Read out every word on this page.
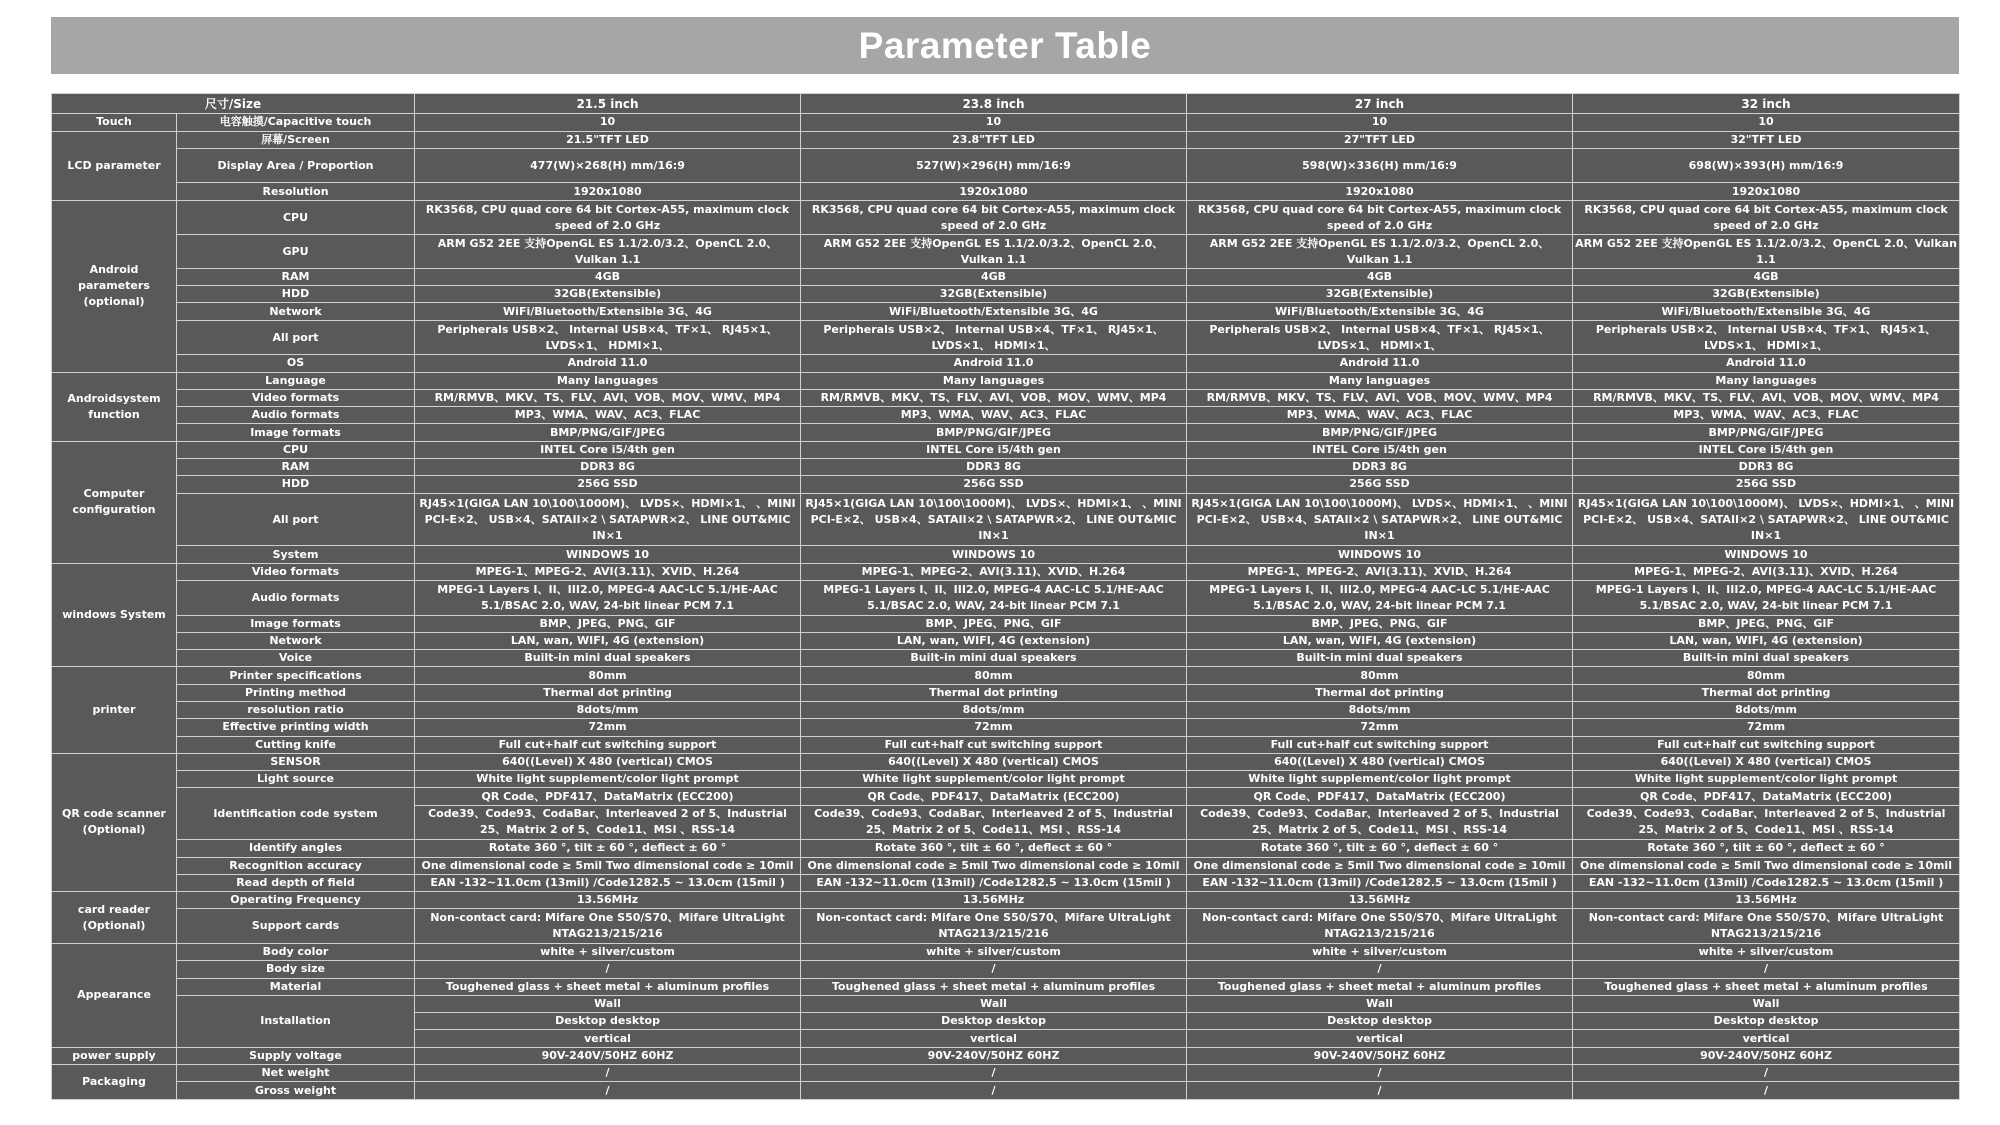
Parameter Table
尺寸/Size		21.5 inch	23.8 inch	27 inch	32 inch
Touch	电容触摸/Capacitive touch	10	10	10	10
LCD parameter	屏幕/Screen	21.5"TFT LED	23.8"TFT LED	27"TFT LED	32"TFT LED
	Display Area / Proportion	477(W)×268(H) mm/16:9	527(W)×296(H) mm/16:9	598(W)×336(H) mm/16:9	698(W)×393(H) mm/16:9
	Resolution	1920x1080	1920x1080	1920x1080	1920x1080
Android parameters (optional)	CPU	RK3568, CPU quad core 64 bit Cortex-A55, maximum clock speed of 2.0 GHz	RK3568, CPU quad core 64 bit Cortex-A55, maximum clock speed of 2.0 GHz	RK3568, CPU quad core 64 bit Cortex-A55, maximum clock speed of 2.0 GHz	RK3568, CPU quad core 64 bit Cortex-A55, maximum clock speed of 2.0 GHz
	GPU	ARM G52 2EE 支持OpenGL ES 1.1/2.0/3.2、OpenCL 2.0、Vulkan 1.1	ARM G52 2EE 支持OpenGL ES 1.1/2.0/3.2、OpenCL 2.0、Vulkan 1.1	ARM G52 2EE 支持OpenGL ES 1.1/2.0/3.2、OpenCL 2.0、Vulkan 1.1	ARM G52 2EE 支持OpenGL ES 1.1/2.0/3.2、OpenCL 2.0、Vulkan 1.1
	RAM	4GB	4GB	4GB	4GB
	HDD	32GB(Extensible)	32GB(Extensible)	32GB(Extensible)	32GB(Extensible)
	Network	WiFi/Bluetooth/Extensible 3G、4G	WiFi/Bluetooth/Extensible 3G、4G	WiFi/Bluetooth/Extensible 3G、4G	WiFi/Bluetooth/Extensible 3G、4G
	All port	Peripherals USB×2、 Internal USB×4、TF×1、 RJ45×1、 LVDS×1、 HDMI×1、	Peripherals USB×2、 Internal USB×4、TF×1、 RJ45×1、 LVDS×1、 HDMI×1、	Peripherals USB×2、 Internal USB×4、TF×1、 RJ45×1、 LVDS×1、 HDMI×1、	Peripherals USB×2、 Internal USB×4、TF×1、 RJ45×1、 LVDS×1、 HDMI×1、
	OS	Android 11.0	Android 11.0	Android 11.0	Android 11.0
Androidsystem function	Language	Many languages	Many languages	Many languages	Many languages
	Video formats	RM/RMVB、MKV、TS、FLV、AVI、VOB、MOV、WMV、MP4	RM/RMVB、MKV、TS、FLV、AVI、VOB、MOV、WMV、MP4	RM/RMVB、MKV、TS、FLV、AVI、VOB、MOV、WMV、MP4	RM/RMVB、MKV、TS、FLV、AVI、VOB、MOV、WMV、MP4
	Audio formats	MP3、WMA、WAV、AC3、FLAC	MP3、WMA、WAV、AC3、FLAC	MP3、WMA、WAV、AC3、FLAC	MP3、WMA、WAV、AC3、FLAC
	Image formats	BMP/PNG/GIF/JPEG	BMP/PNG/GIF/JPEG	BMP/PNG/GIF/JPEG	BMP/PNG/GIF/JPEG
Computer configuration	CPU	INTEL Core i5/4th gen	INTEL Core i5/4th gen	INTEL Core i5/4th gen	INTEL Core i5/4th gen
	RAM	DDR3 8G	DDR3 8G	DDR3 8G	DDR3 8G
	HDD	256G SSD	256G SSD	256G SSD	256G SSD
	All port	RJ45×1(GIGA LAN 10\100\1000M)、 LVDS×、HDMI×1、 、MINI PCI-E×2、 USB×4、SATAII×2 \ SATAPWR×2、 LINE OUT&MIC IN×1	RJ45×1(GIGA LAN 10\100\1000M)、 LVDS×、HDMI×1、 、MINI PCI-E×2、 USB×4、SATAII×2 \ SATAPWR×2、 LINE OUT&MIC IN×1	RJ45×1(GIGA LAN 10\100\1000M)、 LVDS×、HDMI×1、 、MINI PCI-E×2、 USB×4、SATAII×2 \ SATAPWR×2、 LINE OUT&MIC IN×1	RJ45×1(GIGA LAN 10\100\1000M)、 LVDS×、HDMI×1、 、MINI PCI-E×2、 USB×4、SATAII×2 \ SATAPWR×2、 LINE OUT&MIC IN×1
	System	WINDOWS 10	WINDOWS 10	WINDOWS 10	WINDOWS 10
windows System	Video formats	MPEG-1、MPEG-2、AVI(3.11)、XVID、H.264	MPEG-1、MPEG-2、AVI(3.11)、XVID、H.264	MPEG-1、MPEG-2、AVI(3.11)、XVID、H.264	MPEG-1、MPEG-2、AVI(3.11)、XVID、H.264
	Audio formats	MPEG-1 Layers I、II、III2.0, MPEG-4 AAC-LC 5.1/HE-AAC 5.1/BSAC 2.0, WAV, 24-bit linear PCM 7.1	MPEG-1 Layers I、II、III2.0, MPEG-4 AAC-LC 5.1/HE-AAC 5.1/BSAC 2.0, WAV, 24-bit linear PCM 7.1	MPEG-1 Layers I、II、III2.0, MPEG-4 AAC-LC 5.1/HE-AAC 5.1/BSAC 2.0, WAV, 24-bit linear PCM 7.1	MPEG-1 Layers I、II、III2.0, MPEG-4 AAC-LC 5.1/HE-AAC 5.1/BSAC 2.0, WAV, 24-bit linear PCM 7.1
	Image formats	BMP、JPEG、PNG、GIF	BMP、JPEG、PNG、GIF	BMP、JPEG、PNG、GIF	BMP、JPEG、PNG、GIF
	Network	LAN, wan, WIFI, 4G (extension)	LAN, wan, WIFI, 4G (extension)	LAN, wan, WIFI, 4G (extension)	LAN, wan, WIFI, 4G (extension)
	Voice	Built-in mini dual speakers	Built-in mini dual speakers	Built-in mini dual speakers	Built-in mini dual speakers
printer	Printer specifications	80mm	80mm	80mm	80mm
	Printing method	Thermal dot printing	Thermal dot printing	Thermal dot printing	Thermal dot printing
	resolution ratio	8dots/mm	8dots/mm	8dots/mm	8dots/mm
	Effective printing width	72mm	72mm	72mm	72mm
	Cutting knife	Full cut+half cut switching support	Full cut+half cut switching support	Full cut+half cut switching support	Full cut+half cut switching support
QR code scanner (Optional)	SENSOR	640((Level) X 480 (vertical) CMOS	640((Level) X 480 (vertical) CMOS	640((Level) X 480 (vertical) CMOS	640((Level) X 480 (vertical) CMOS
	Light source	White light supplement/color light prompt	White light supplement/color light prompt	White light supplement/color light prompt	White light supplement/color light prompt
	Identification code system	QR Code、PDF417、DataMatrix (ECC200)	QR Code、PDF417、DataMatrix (ECC200)	QR Code、PDF417、DataMatrix (ECC200)	QR Code、PDF417、DataMatrix (ECC200)
		Code39、Code93、CodaBar、Interleaved 2 of 5、Industrial 25、Matrix 2 of 5、Code11、MSI 、RSS-14	Code39、Code93、CodaBar、Interleaved 2 of 5、Industrial 25、Matrix 2 of 5、Code11、MSI 、RSS-14	Code39、Code93、CodaBar、Interleaved 2 of 5、Industrial 25、Matrix 2 of 5、Code11、MSI 、RSS-14	Code39、Code93、CodaBar、Interleaved 2 of 5、Industrial 25、Matrix 2 of 5、Code11、MSI 、RSS-14
	Identify angles	Rotate 360 °, tilt ± 60 °, deflect ± 60 °	Rotate 360 °, tilt ± 60 °, deflect ± 60 °	Rotate 360 °, tilt ± 60 °, deflect ± 60 °	Rotate 360 °, tilt ± 60 °, deflect ± 60 °
	Recognition accuracy	One dimensional code ≥ 5mil Two dimensional code ≥ 10mil	One dimensional code ≥ 5mil Two dimensional code ≥ 10mil	One dimensional code ≥ 5mil Two dimensional code ≥ 10mil	One dimensional code ≥ 5mil Two dimensional code ≥ 10mil
	Read depth of field	EAN -132~11.0cm (13mil) /Code1282.5 ~ 13.0cm (15mil )	EAN -132~11.0cm (13mil) /Code1282.5 ~ 13.0cm (15mil )	EAN -132~11.0cm (13mil) /Code1282.5 ~ 13.0cm (15mil )	EAN -132~11.0cm (13mil) /Code1282.5 ~ 13.0cm (15mil )
card reader (Optional)	Operating Frequency	13.56MHz	13.56MHz	13.56MHz	13.56MHz
	Support cards	Non-contact card: Mifare One S50/S70、Mifare UltraLight NTAG213/215/216	Non-contact card: Mifare One S50/S70、Mifare UltraLight NTAG213/215/216	Non-contact card: Mifare One S50/S70、Mifare UltraLight NTAG213/215/216	Non-contact card: Mifare One S50/S70、Mifare UltraLight NTAG213/215/216
Appearance	Body color	white + silver/custom	white + silver/custom	white + silver/custom	white + silver/custom
	Body size	/	/	/	/
	Material	Toughened glass + sheet metal + aluminum profiles	Toughened glass + sheet metal + aluminum profiles	Toughened glass + sheet metal + aluminum profiles	Toughened glass + sheet metal + aluminum profiles
	Installation	Wall	Wall	Wall	Wall
		Desktop desktop	Desktop desktop	Desktop desktop	Desktop desktop
		vertical	vertical	vertical	vertical
power supply	Supply voltage	90V-240V/50HZ 60HZ	90V-240V/50HZ 60HZ	90V-240V/50HZ 60HZ	90V-240V/50HZ 60HZ
Packaging	Net weight	/	/	/	/
	Gross weight	/	/	/	/
